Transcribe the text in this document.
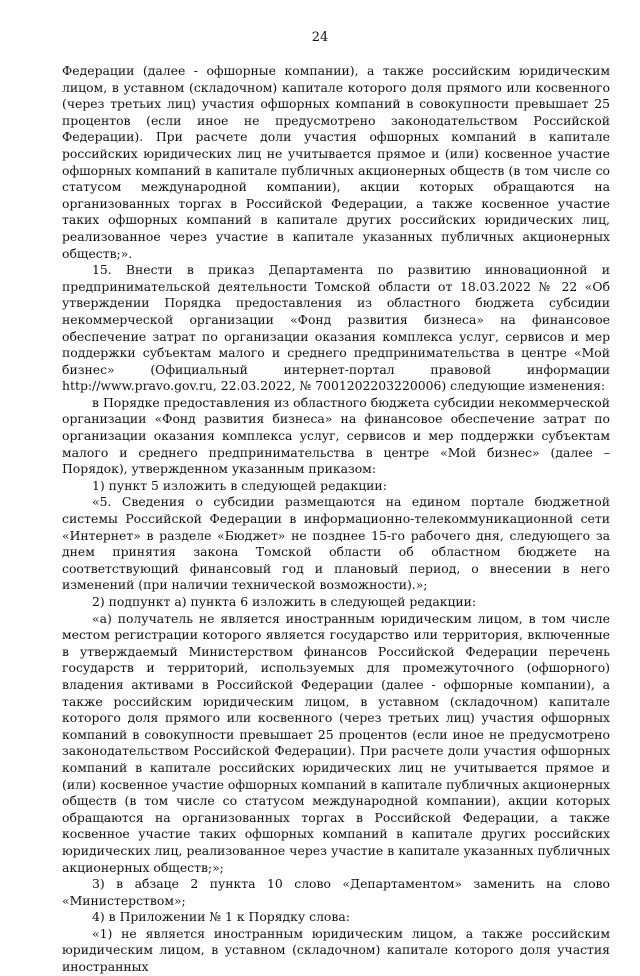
24

Федерации (далее - офшорные компании), а также российским юридическим лицом, в уставном (складочном) капитале которого доля прямого или косвенного (через третьих лиц) участия офшорных компаний в совокупности превышает 25 процентов (если иное не предусмотрено законодательством Российской Федерации). При расчете доли участия офшорных компаний в капитале российских юридических лиц не учитывается прямое и (или) косвенное участие офшорных компаний в капитале публичных акционерных обществ (в том числе со статусом международной компании), акции которых обращаются на организованных торгах в Российской Федерации, а также косвенное участие таких офшорных компаний в капитале других российских юридических лиц, реализованное через участие в капитале указанных публичных акционерных обществ;».

15. Внести в приказ Департамента по развитию инновационной и предпринимательской деятельности Томской области от 18.03.2022 № 22 «Об утверждении Порядка предоставления из областного бюджета субсидии некоммерческой организации «Фонд развития бизнеса» на финансовое обеспечение затрат по организации оказания комплекса услуг, сервисов и мер поддержки субъектам малого и среднего предпринимательства в центре «Мой бизнес» (Официальный интернет-портал правовой информации http://www.pravo.gov.ru, 22.03.2022, № 7001202203220006) следующие изменения:

в Порядке предоставления из областного бюджета субсидии некоммерческой организации «Фонд развития бизнеса» на финансовое обеспечение затрат по организации оказания комплекса услуг, сервисов и мер поддержки субъектам малого и среднего предпринимательства в центре «Мой бизнес» (далее – Порядок), утвержденном указанным приказом:

1) пункт 5 изложить в следующей редакции:

«5. Сведения о субсидии размещаются на едином портале бюджетной системы Российской Федерации в информационно-телекоммуникационной сети «Интернет» в разделе «Бюджет» не позднее 15-го рабочего дня, следующего за днем принятия закона Томской области об областном бюджете на соответствующий финансовый год и плановый период, о внесении в него изменений (при наличии технической возможности).»;

2) подпункт а) пункта 6 изложить в следующей редакции:

«а) получатель не является иностранным юридическим лицом, в том числе местом регистрации которого является государство или территория, включенные в утверждаемый Министерством финансов Российской Федерации перечень государств и территорий, используемых для промежуточного (офшорного) владения активами в Российской Федерации (далее - офшорные компании), а также российским юридическим лицом, в уставном (складочном) капитале которого доля прямого или косвенного (через третьих лиц) участия офшорных компаний в совокупности превышает 25 процентов (если иное не предусмотрено законодательством Российской Федерации). При расчете доли участия офшорных компаний в капитале российских юридических лиц не учитывается прямое и (или) косвенное участие офшорных компаний в капитале публичных акционерных обществ (в том числе со статусом международной компании), акции которых обращаются на организованных торгах в Российской Федерации, а также косвенное участие таких офшорных компаний в капитале других российских юридических лиц, реализованное через участие в капитале указанных публичных акционерных обществ;»;

3) в абзаце 2 пункта 10 слово «Департаментом» заменить на слово «Министерством»;

4) в Приложении № 1 к Порядку слова:

«1) не является иностранным юридическим лицом, а также российским юридическим лицом, в уставном (складочном) капитале которого доля участия иностранных
